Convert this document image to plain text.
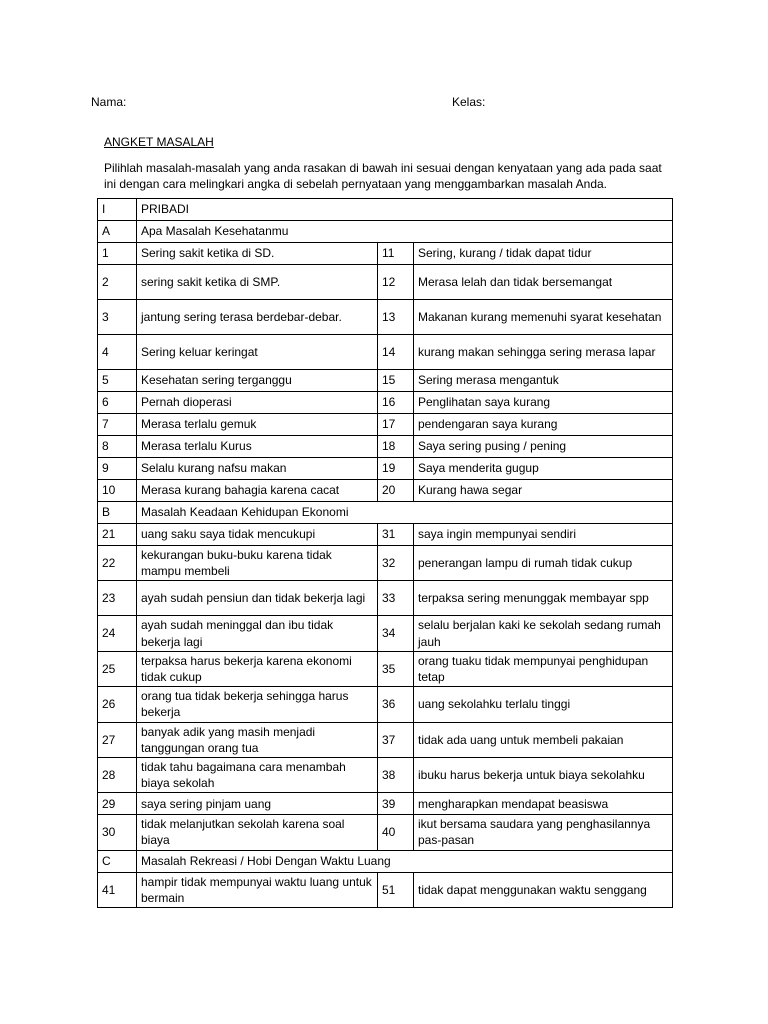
Nama:	Kelas:
ANGKET MASALAH
Pilihlah masalah-masalah yang anda rasakan di bawah ini sesuai dengan kenyataan yang ada pada saat ini dengan cara melingkari angka di sebelah pernyataan yang menggambarkan masalah Anda.
I	PRIBADI		
A	Apa Masalah Kesehatanmu		
1	Sering sakit ketika di SD.	11	Sering, kurang / tidak dapat tidur
2	sering sakit ketika di SMP.	12	Merasa lelah dan tidak bersemangat
3	jantung sering terasa berdebar-debar.	13	Makanan kurang memenuhi syarat kesehatan
4	Sering keluar keringat	14	kurang makan sehingga sering merasa lapar
5	Kesehatan sering terganggu	15	Sering merasa mengantuk
6	Pernah dioperasi	16	Penglihatan saya kurang
7	Merasa terlalu gemuk	17	pendengaran saya kurang
8	Merasa terlalu Kurus	18	Saya sering pusing / pening
9	Selalu kurang nafsu makan	19	Saya menderita gugup
10	Merasa kurang bahagia karena cacat	20	Kurang hawa segar
B	Masalah Keadaan Kehidupan Ekonomi		
21	uang saku saya tidak mencukupi	31	saya ingin mempunyai sendiri
22	kekurangan buku-buku karena tidak mampu membeli	32	penerangan lampu di rumah tidak cukup
23	ayah sudah pensiun dan tidak bekerja lagi	33	terpaksa sering menunggak membayar spp
24	ayah sudah meninggal dan ibu tidak bekerja lagi	34	selalu berjalan kaki ke sekolah sedang rumah jauh
25	terpaksa harus bekerja karena ekonomi tidak cukup	35	orang tuaku tidak mempunyai penghidupan tetap
26	orang tua tidak bekerja sehingga harus bekerja	36	uang sekolahku terlalu tinggi
27	banyak adik yang masih menjadi tanggungan orang tua	37	tidak ada uang untuk membeli pakaian
28	tidak tahu bagaimana cara menambah biaya sekolah	38	ibuku harus bekerja untuk biaya sekolahku
29	saya sering pinjam uang	39	mengharapkan mendapat beasiswa
30	tidak melanjutkan sekolah karena soal biaya	40	ikut bersama saudara yang penghasilannya pas-pasan
C	Masalah Rekreasi / Hobi Dengan Waktu Luang		
41	hampir tidak mempunyai waktu luang untuk bermain	51	tidak dapat menggunakan waktu senggang
